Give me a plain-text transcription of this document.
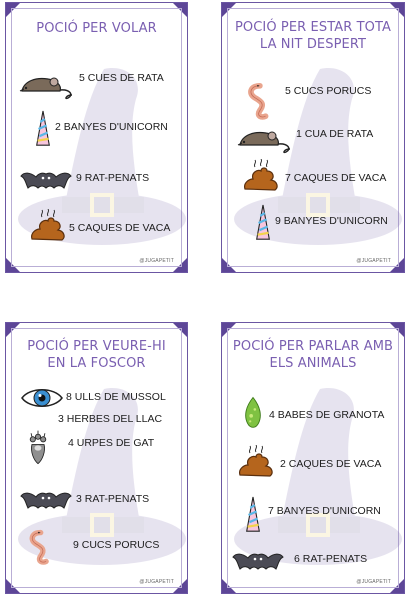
POCIÓ PER VOLAR
5 CUES DE RATA
2 BANYES D'UNICORN
9 RAT-PENATS
5 CAQUES DE VACA
@JUGAPETIT
POCIÓ PER ESTAR TOTA
LA NIT DESPERT
5 CUCS PORUCS
1 CUA DE RATA
7 CAQUES DE VACA
9 BANYES D'UNICORN
@JUGAPETIT
POCIÓ PER VEURE-HI
EN LA FOSCOR
8 ULLS DE MUSSOL
3 HERBES DEL LLAC
4 URPES DE GAT
3 RAT-PENATS
9 CUCS PORUCS
@JUGAPETIT
POCIÓ PER PARLAR AMB
ELS ANIMALS
4 BABES DE GRANOTA
2 CAQUES DE VACA
7 BANYES D'UNICORN
6 RAT-PENATS
@JUGAPETIT
